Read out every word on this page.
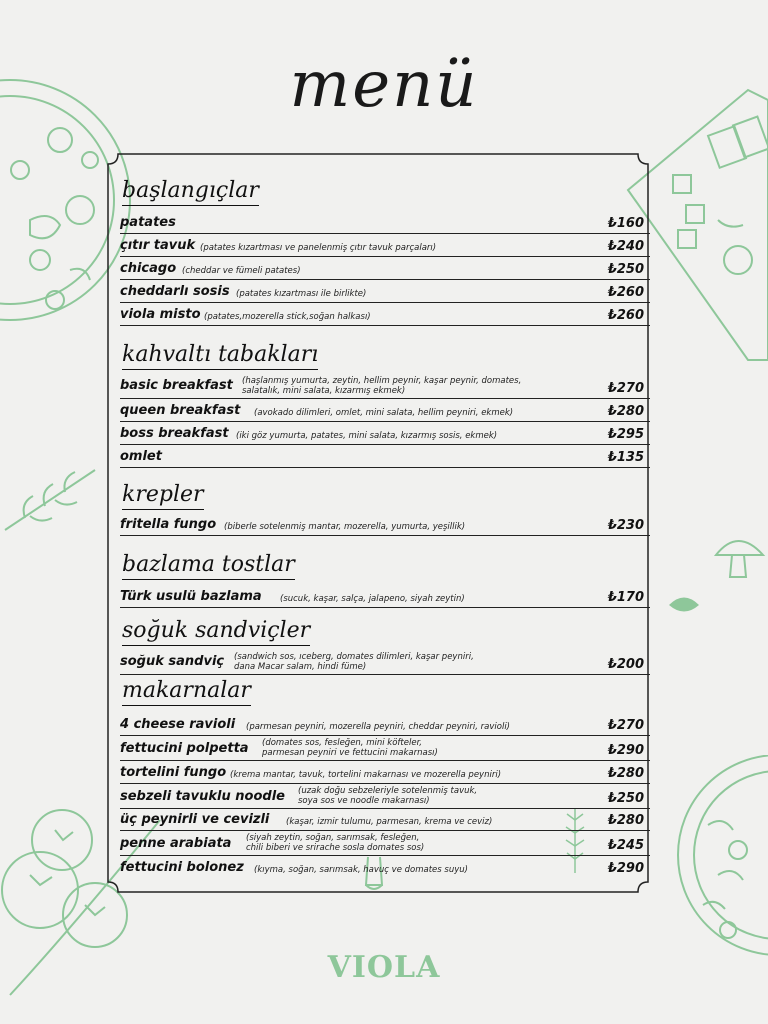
menü
başlangıçlar
patates	₺160
çıtır tavuk (patates kızartması ve panelenmiş çıtır tavuk parçaları)	₺240
chicago (cheddar ve fümeli patates)	₺250
cheddarlı sosis (patates kızartması ile birlikte)	₺260
viola misto (patates,mozerella stick,soğan halkası)	₺260
kahvaltı tabakları
basic breakfast (haşlanmış yumurta, zeytin, hellim peynir, kaşar peynir, domates,
salatalık, mini salata, kızarmış ekmek)	₺270
queen breakfast (avokado dilimleri, omlet, mini salata, hellim peyniri, ekmek)	₺280
boss breakfast (iki göz yumurta, patates, mini salata, kızarmış sosis, ekmek)	₺295
omlet	₺135
krepler
fritella fungo (biberle sotelenmiş mantar, mozerella, yumurta, yeşillik)	₺230
bazlama tostlar
Türk usulü bazlama (sucuk, kaşar, salça, jalapeno, siyah zeytin)	₺170
soğuk sandviçler
soğuk sandviç (sandwich sos, ıceberg, domates dilimleri, kaşar peyniri,
dana Macar salam, hindi füme)	₺200
makarnalar
4 cheese ravioli (parmesan peyniri, mozerella peyniri, cheddar peyniri, ravioli)	₺270
fettucini polpetta (domates sos, fesleğen, mini köfteler,
parmesan peyniri ve fettucini makarnası)	₺290
tortelini fungo (krema mantar, tavuk, tortelini makarnası ve mozerella peyniri)	₺280
sebzeli tavuklu noodle (uzak doğu sebzeleriyle sotelenmiş tavuk,
soya sos ve noodle makarnası)	₺250
üç peynirli ve cevizli (kaşar, izmir tulumu, parmesan, krema ve ceviz)	₺280
penne arabiata (siyah zeytin, soğan, sarımsak, fesleğen,
chili biberi ve srirache sosla domates sos)	₺245
fettucini bolonez (kıyma, soğan, sarımsak, havuç ve domates suyu)	₺290
VIOLA
